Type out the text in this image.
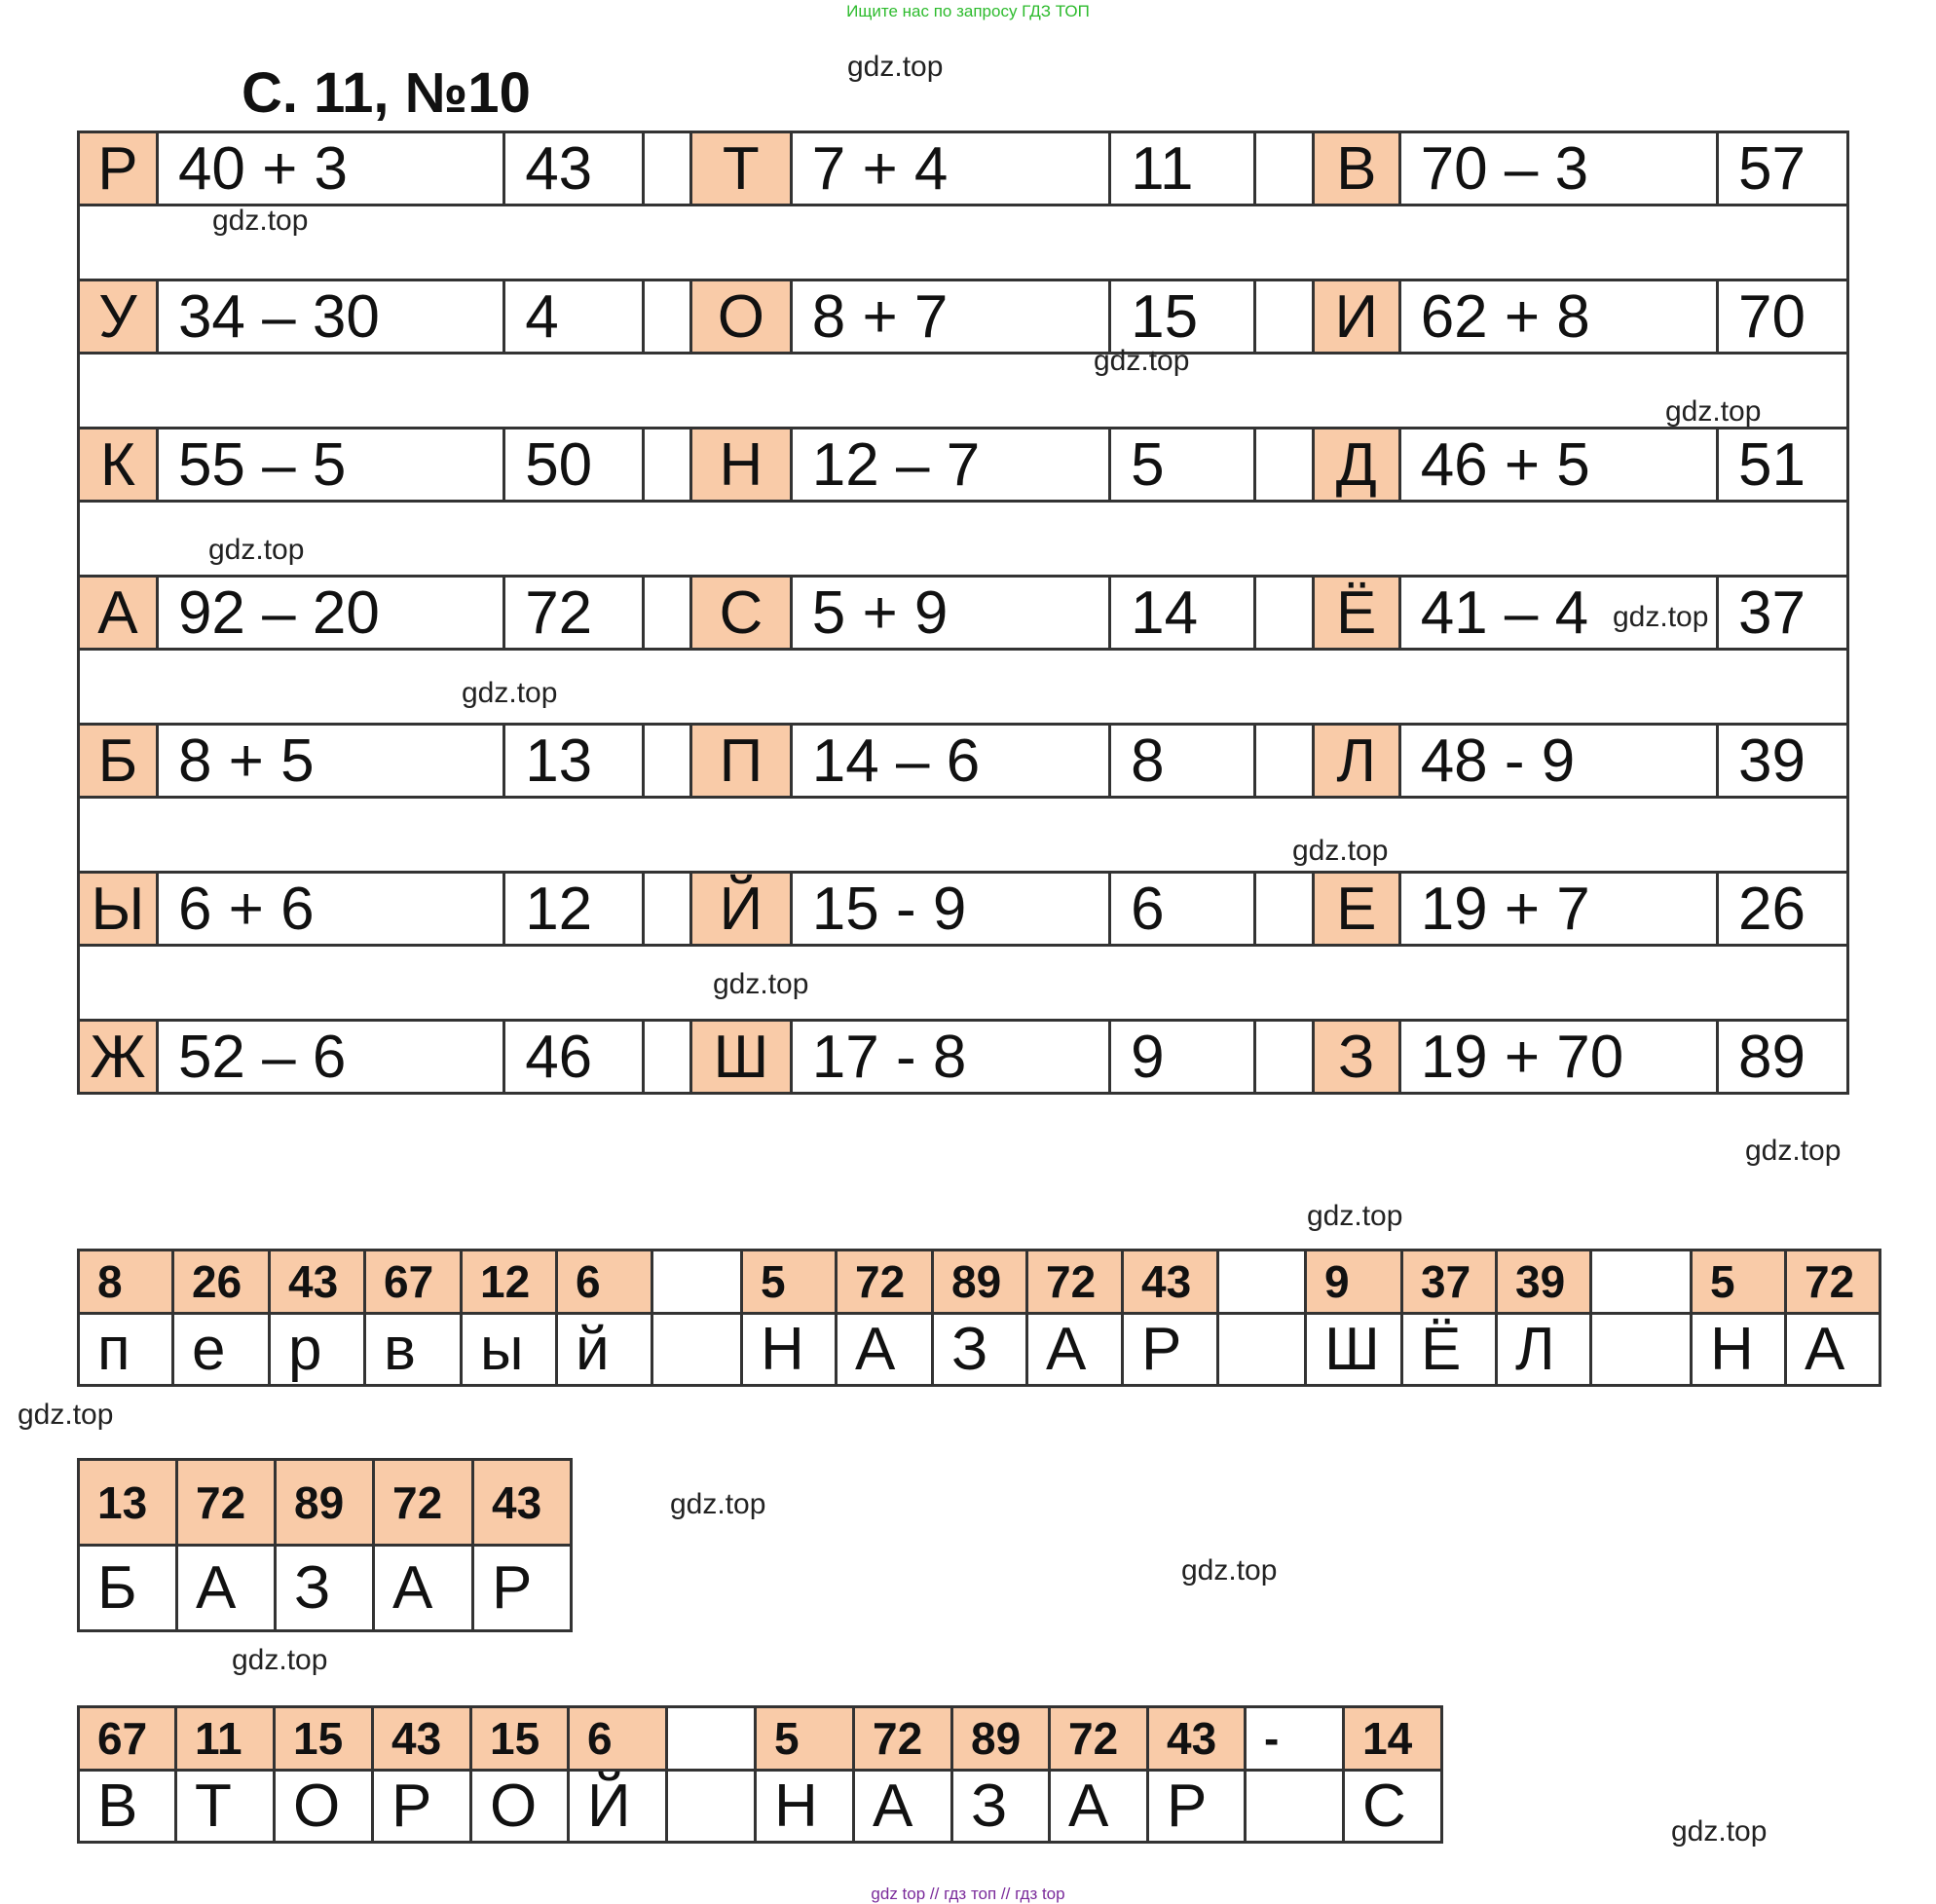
Ищите нас по запросу ГДЗ ТОП
С. 11, №10
Р	40 + 3	43		Т	7 + 4	11		В	70 – 3	57

У	34 – 30	4		О	8 + 7	15		И	62 + 8	70

К	55 – 5	50		Н	12 – 7	5		Д	46 + 5	51

А	92 – 20	72		С	5 + 9	14		Ё	41 – 4	37

Б	8 + 5	13		П	14 – 6	8		Л	48 - 9	39

Ы	6 + 6	12		Й	15 - 9	6		Е	19 + 7	26

Ж	52 – 6	46		Ш	17 - 8	9		З	19 + 70	89
8	26	43	67	12	6		5	72	89	72	43		9	37	39		5	72
п	е	р	в	ы	й		Н	А	З	А	Р		Ш	Ё	Л		Н	А
13	72	89	72	43
Б	А	З	А	Р
67	11	15	43	15	6		5	72	89	72	43	-	14
В	Т	О	Р	О	Й		Н	А	З	А	Р		С
gdz.top
gdz.top
gdz.top
gdz.top
gdz.top
gdz.top
gdz.top
gdz.top
gdz.top
gdz.top
gdz.top
gdz.top
gdz.top
gdz.top
gdz.top
gdz.top
gdz top // гдз топ // гдз top
